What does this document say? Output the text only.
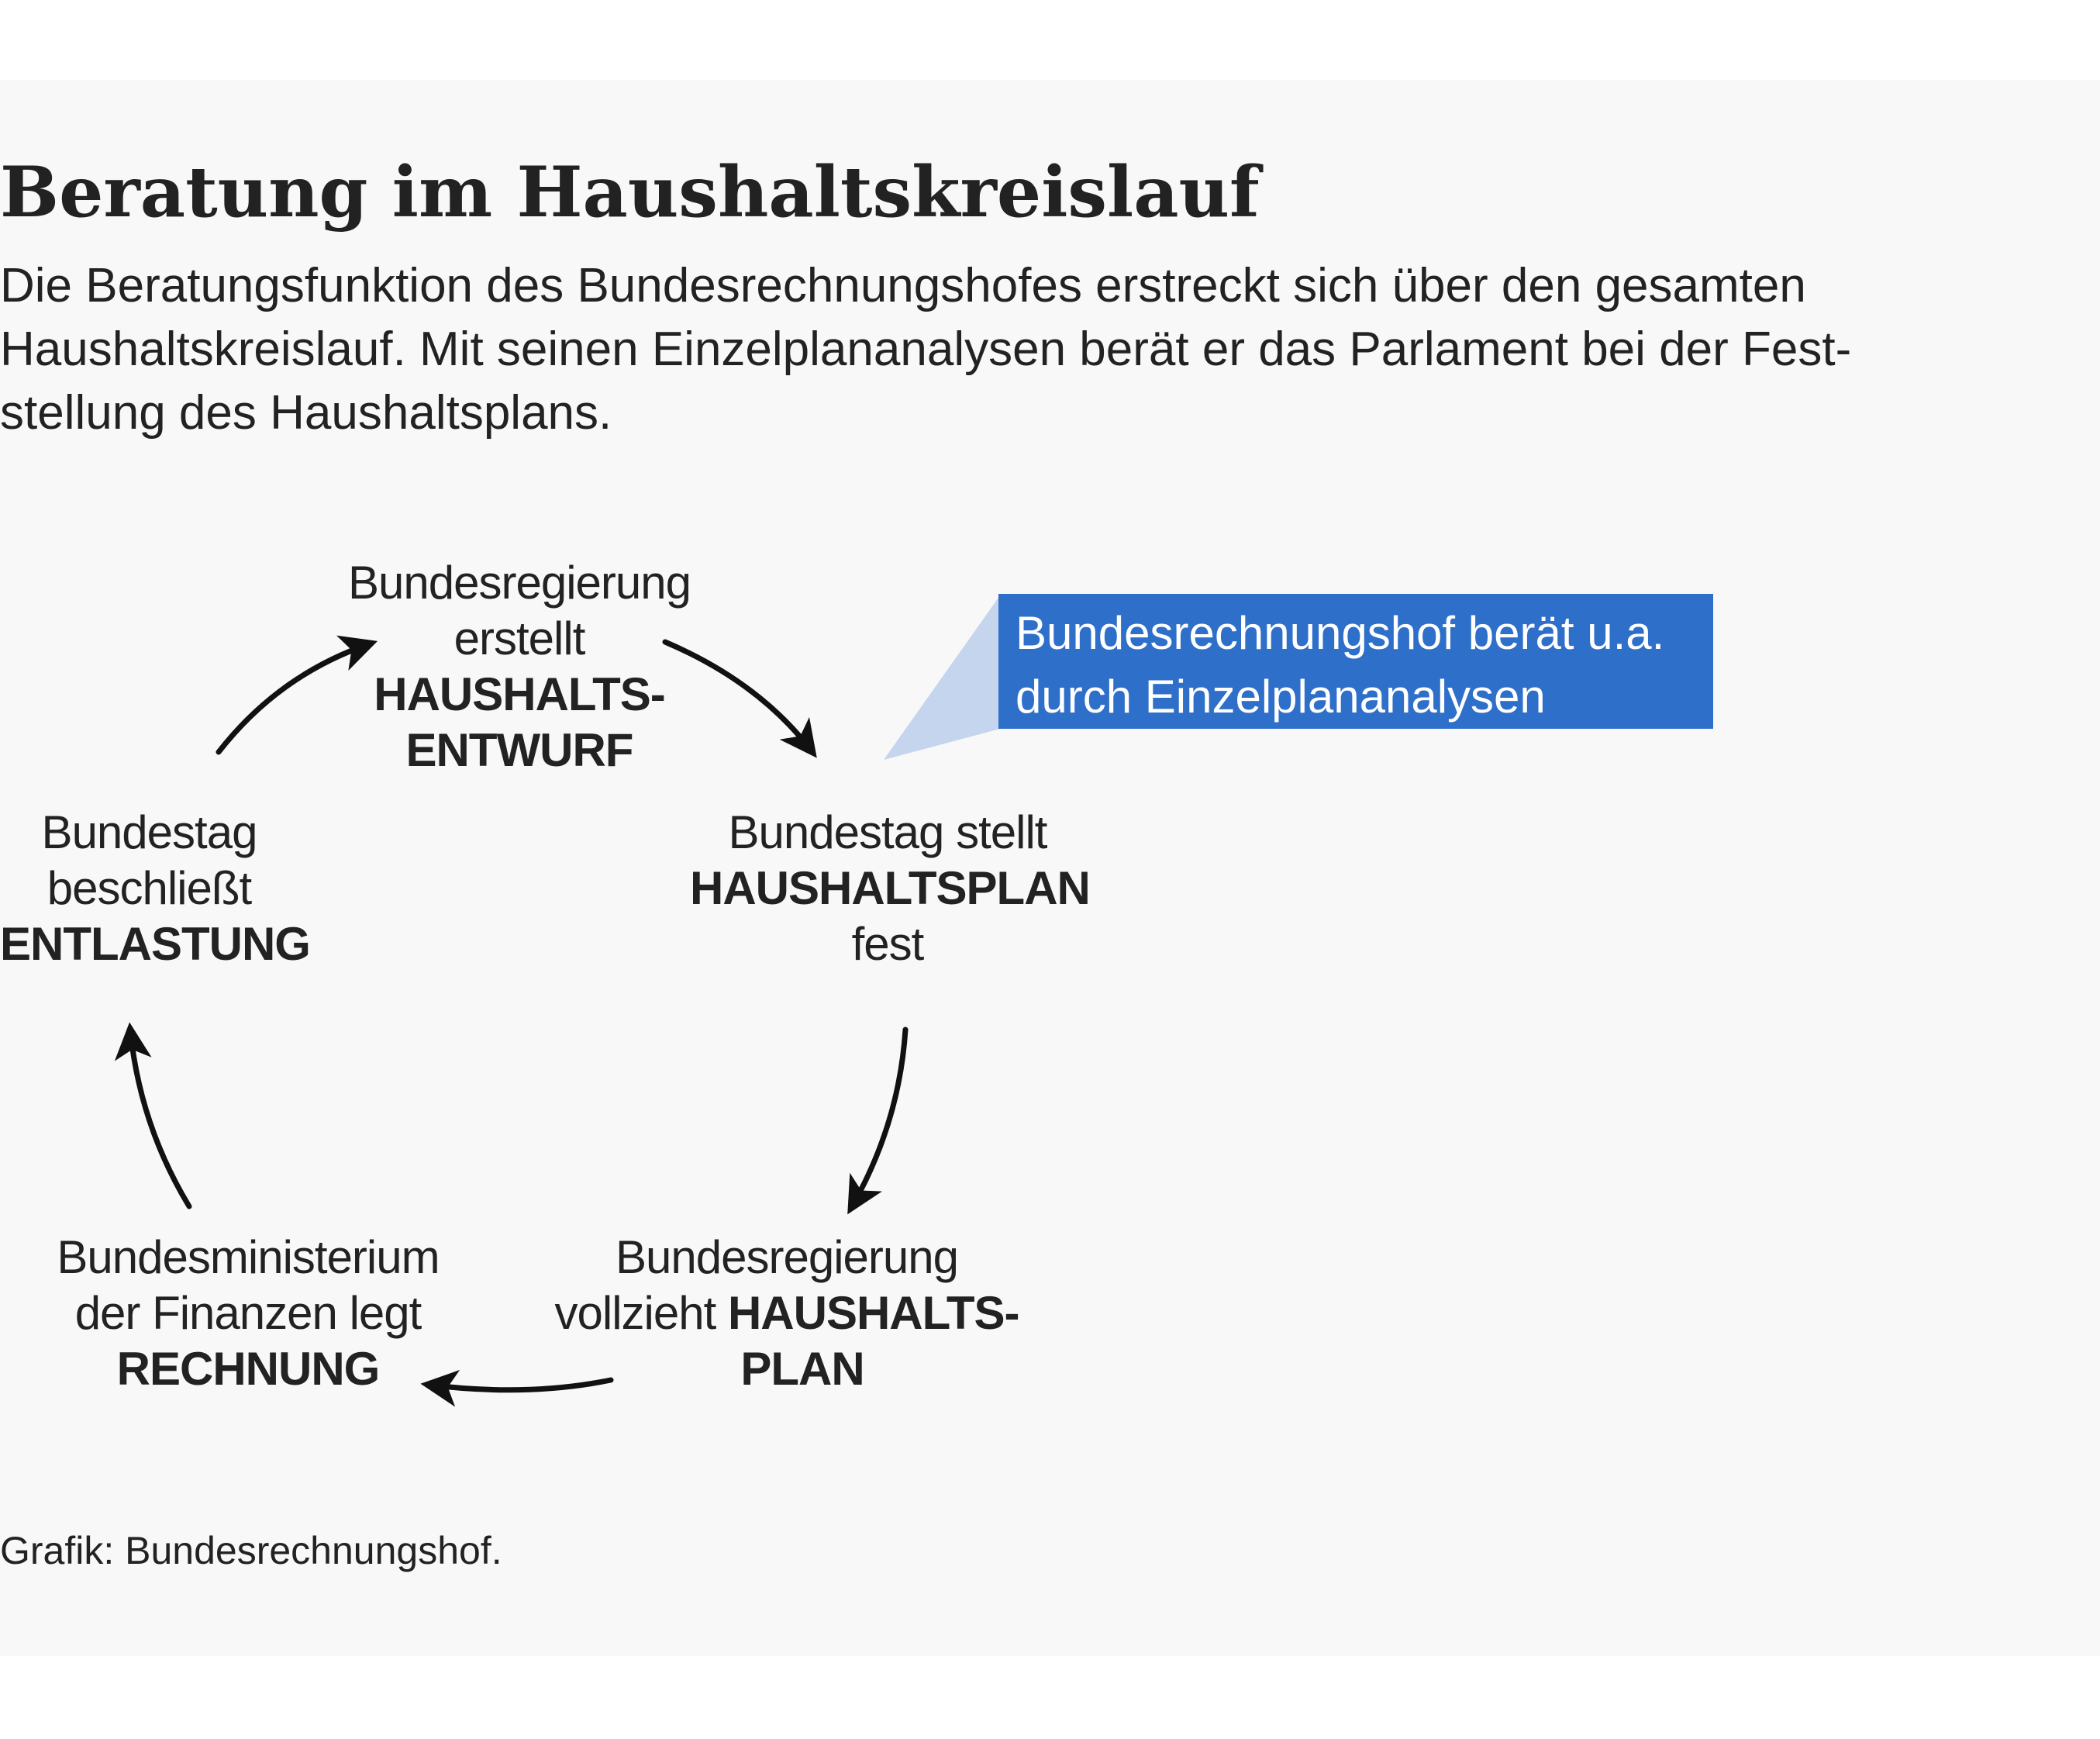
Beratung im Haushaltskreislauf

Die Beratungsfunktion des Bundesrechnungshofes erstreckt sich über den gesamten
Haushaltskreislauf. Mit seinen Einzelplananalysen berät er das Parlament bei der Fest-
stellung des Haushaltsplans.

Bundesregierung
erstellt
HAUSHALTS-
ENTWURF
Bundestag stellt
HAUSHALTSPLAN
fest
Bundesregierung
vollzieht HAUSHALTS-
PLAN
Bundesministerium
der Finanzen legt
RECHNUNG
Bundestag
beschließt
ENTLASTUNG
Bundesrechnungshof berät u.a.
durch Einzelplananalysen
Grafik: Bundesrechnungshof.
